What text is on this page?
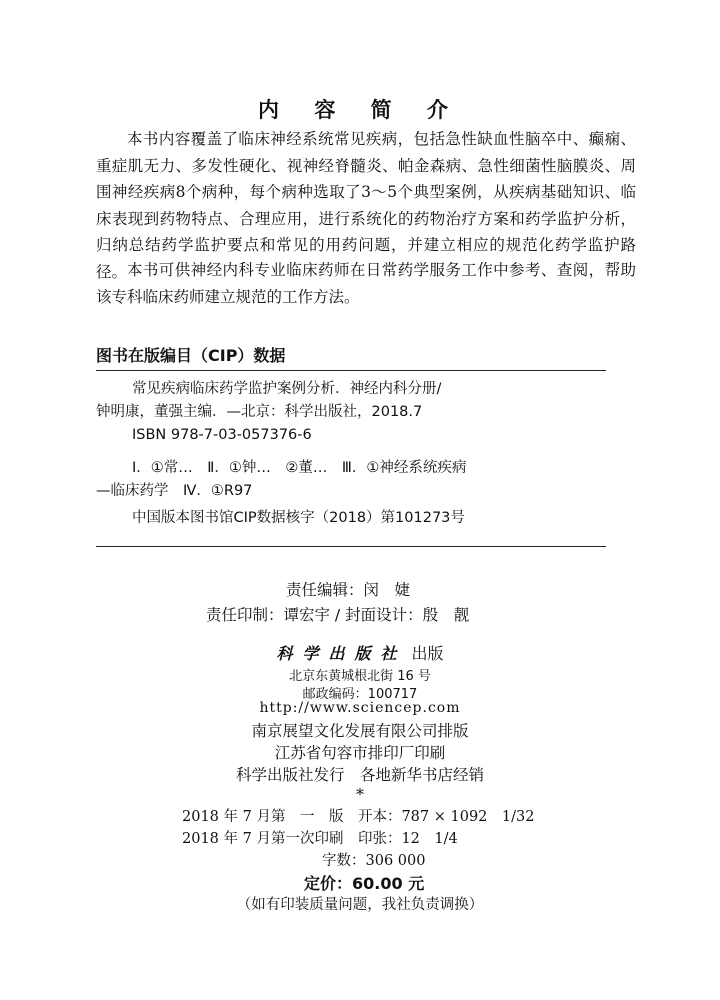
内 容 简 介

本书内容覆盖了临床神经系统常见疾病，包括急性缺血性脑卒中、癫痫、重症肌无力、多发性硬化、视神经脊髓炎、帕金森病、急性细菌性脑膜炎、周围神经疾病8个病种，每个病种选取了3～5个典型案例，从疾病基础知识、临床表现到药物特点、合理应用，进行系统化的药物治疗方案和药学监护分析，归纳总结药学监护要点和常见的用药问题，并建立相应的规范化药学监护路径。 本书可供神经内科专业临床药师在日常药学服务工作中参考、查阅，帮助该专科临床药师建立规范的工作方法。

图书在版编目（CIP）数据
常见疾病临床药学监护案例分析．神经内科分册/
钟明康，董强主编．—北京：科学出版社，2018.7
ISBN 978-7-03-057376-6
Ⅰ．①常…　Ⅱ．①钟…　②董…　Ⅲ．①神经系统疾病
—临床药学　Ⅳ．①R97
中国版本图书馆CIP数据核字（2018）第101273号
责任编辑：闵　婕
责任印制：谭宏宇 / 封面设计：殷　靓
科学出版社 出版
北京东黄城根北街 16 号
邮政编码：100717
http://www.sciencep.com
南京展望文化发展有限公司排版
江苏省句容市排印厂印刷
科学出版社发行　各地新华书店经销
*
2018 年 7 月第　一　版　开本：787 × 1092　1/32
2018 年 7 月第一次印刷　印张：12　1/4
字数：306 000
定价：60.00 元
（如有印装质量问题，我社负责调换）
